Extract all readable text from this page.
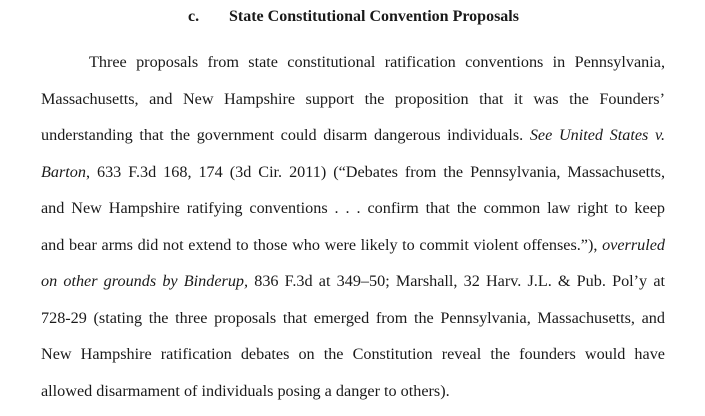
c. State Constitutional Convention Proposals
Three proposals from state constitutional ratification conventions in Pennsylvania,
Massachusetts, and New Hampshire support the proposition that it was the Founders’
understanding that the government could disarm dangerous individuals. See United States v.
Barton, 633 F.3d 168, 174 (3d Cir. 2011) (“Debates from the Pennsylvania, Massachusetts,
and New Hampshire ratifying conventions . . . confirm that the common law right to keep
and bear arms did not extend to those who were likely to commit violent offenses.”), overruled
on other grounds by Binderup, 836 F.3d at 349–50; Marshall, 32 Harv. J.L. & Pub. Pol’y at
728-29 (stating the three proposals that emerged from the Pennsylvania, Massachusetts, and
New Hampshire ratification debates on the Constitution reveal the founders would have
allowed disarmament of individuals posing a danger to others).
